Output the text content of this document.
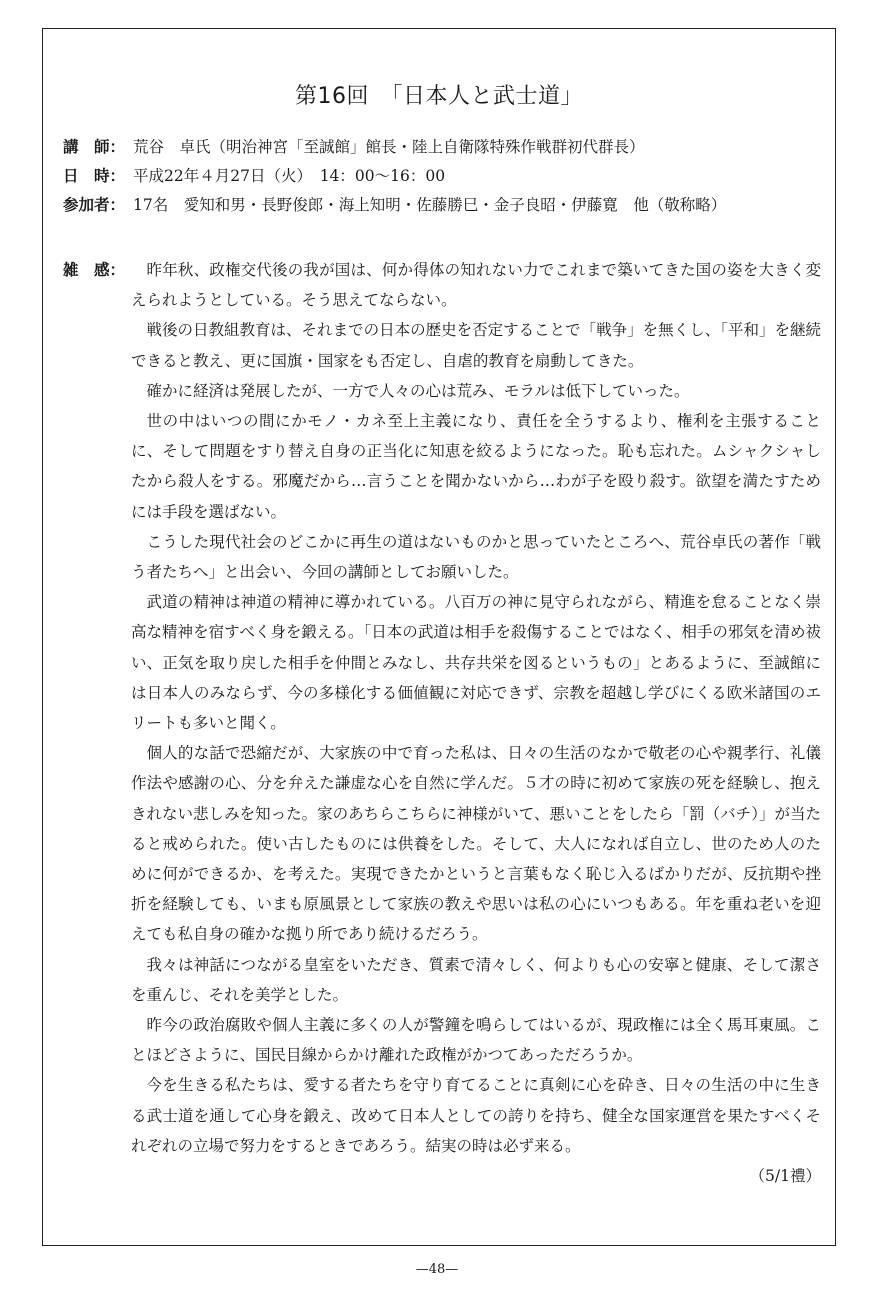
第16回　「日本人と武士道」
講　師： 荒谷　卓氏（明治神宮「至誠館」館長・陸上自衛隊特殊作戦群初代群長）
日　時： 平成22年４月27日（火）　14：00〜16：00
参加者： 17名　愛知和男・長野俊郎・海上知明・佐藤勝巳・金子良昭・伊藤寛　他（敬称略）
雑　感：	昨年秋、政権交代後の我が国は、何か得体の知れない力でこれまで築いてきた国の姿を大きく変えられようとしている。そう思えてならない。

戦後の日教組教育は、それまでの日本の歴史を否定することで「戦争」を無くし、「平和」を継続できると教え、更に国旗・国家をも否定し、自虐的教育を扇動してきた。

確かに経済は発展したが、一方で人々の心は荒み、モラルは低下していった。

世の中はいつの間にかモノ・カネ至上主義になり、責任を全うするより、権利を主張することに、そして問題をすり替え自身の正当化に知恵を絞るようになった。恥も忘れた。ムシャクシャしたから殺人をする。邪魔だから…言うことを聞かないから…わが子を殴り殺す。欲望を満たすためには手段を選ばない。

こうした現代社会のどこかに再生の道はないものかと思っていたところへ、荒谷卓氏の著作「戦う者たちへ」と出会い、今回の講師としてお願いした。

武道の精神は神道の精神に導かれている。八百万の神に見守られながら、精進を怠ることなく崇高な精神を宿すべく身を鍛える。「日本の武道は相手を殺傷することではなく、相手の邪気を清め祓い、正気を取り戻した相手を仲間とみなし、共存共栄を図るというもの」とあるように、至誠館には日本人のみならず、今の多様化する価値観に対応できず、宗教を超越し学びにくる欧米諸国のエリートも多いと聞く。

個人的な話で恐縮だが、大家族の中で育った私は、日々の生活のなかで敬老の心や親孝行、礼儀作法や感謝の心、分を弁えた謙虚な心を自然に学んだ。５才の時に初めて家族の死を経験し、抱えきれない悲しみを知った。家のあちらこちらに神様がいて、悪いことをしたら「罰（バチ）」が当たると戒められた。使い古したものには供養をした。そして、大人になれば自立し、世のため人のために何ができるか、を考えた。実現できたかというと言葉もなく恥じ入るばかりだが、反抗期や挫折を経験しても、いまも原風景として家族の教えや思いは私の心にいつもある。年を重ね老いを迎えても私自身の確かな拠り所であり続けるだろう。

我々は神話につながる皇室をいただき、質素で清々しく、何よりも心の安寧と健康、そして潔さを重んじ、それを美学とした。

昨今の政治腐敗や個人主義に多くの人が警鐘を鳴らしてはいるが、現政権には全く馬耳東風。ことほどさように、国民目線からかけ離れた政権がかつてあっただろうか。

今を生きる私たちは、愛する者たちを守り育てることに真剣に心を砕き、日々の生活の中に生きる武士道を通して心身を鍛え、改めて日本人としての誇りを持ち、健全な国家運営を果たすべくそれぞれの立場で努力をするときであろう。結実の時は必ず来る。

（5/1禮）

—48—
